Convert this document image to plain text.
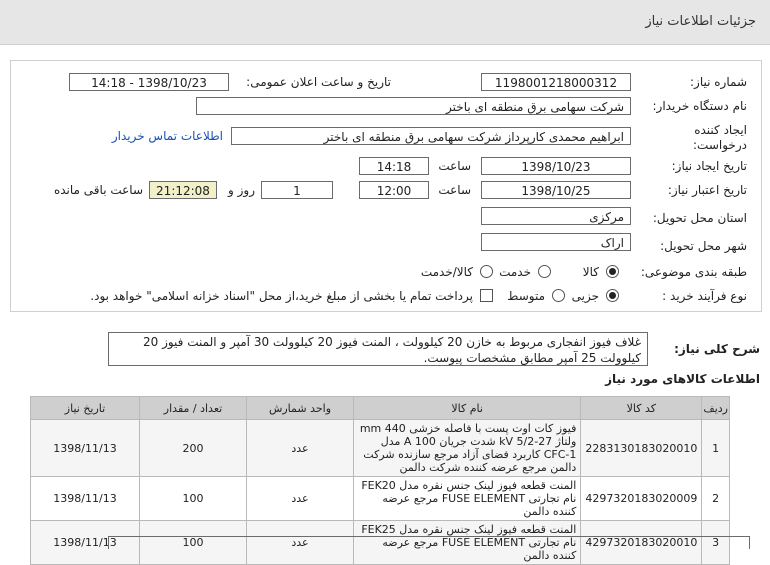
جزئیات اطلاعات نیاز
شماره نیاز:
1198001218000312
تاریخ و ساعت اعلان عمومی:
1398/10/23 - 14:18
نام دستگاه خریدار:
شرکت سهامی برق منطقه ای باختر
ایجاد کننده درخواست:
ابراهیم محمدی کارپرداز شرکت سهامی برق منطقه ای باختر
اطلاعات تماس خریدار
تاریخ ایجاد نیاز:
1398/10/23
ساعت
14:18
تاریخ اعتبار نیاز:
1398/10/25
ساعت
12:00
1
روز و
21:12:08
ساعت باقی مانده
استان محل تحویل:
مرکزی
شهر محل تحویل:
اراک
طبقه بندی موضوعی:
کالا
خدمت
کالا/خدمت
نوع فرآیند خرید :
جزیی
متوسط
پرداخت تمام یا بخشی از مبلغ خرید،از محل "اسناد خزانه اسلامی" خواهد بود.
شرح کلی نیاز:
غلاف فیوز انفجاری مربوط به خازن 20 کیلوولت ، المنت فیوز 20 کیلوولت 30 آمپر و المنت فیوز 20 کیلوولت 25 آمپر مطابق مشخصات پیوست.
اطلاعات کالاهای مورد نیاز
ردیف	کد کالا	نام کالا	واحد شمارش	تعداد / مقدار	تاریخ نیاز
1	2283130183020010	فیوز کات اوت پست با فاصله خزشی 440 mm ولتاژ 27-5/2 kV شدت جریان 100 A مدل CFC-1 کاربرد فضای آزاد مرجع سازنده شرکت دالمن مرجع عرضه کننده شرکت دالمن	عدد	200	1398/11/13
2	4297320183020009	المنت قطعه فیوز لینک جنس نقره مدل FEK20 نام تجارتی FUSE ELEMENT مرجع عرضه کننده دالمن	عدد	100	1398/11/13
3	4297320183020010	المنت قطعه فیوز لینک جنس نقره مدل FEK25 نام تجارتی FUSE ELEMENT مرجع عرضه کننده دالمن	عدد	100	1398/11/13
